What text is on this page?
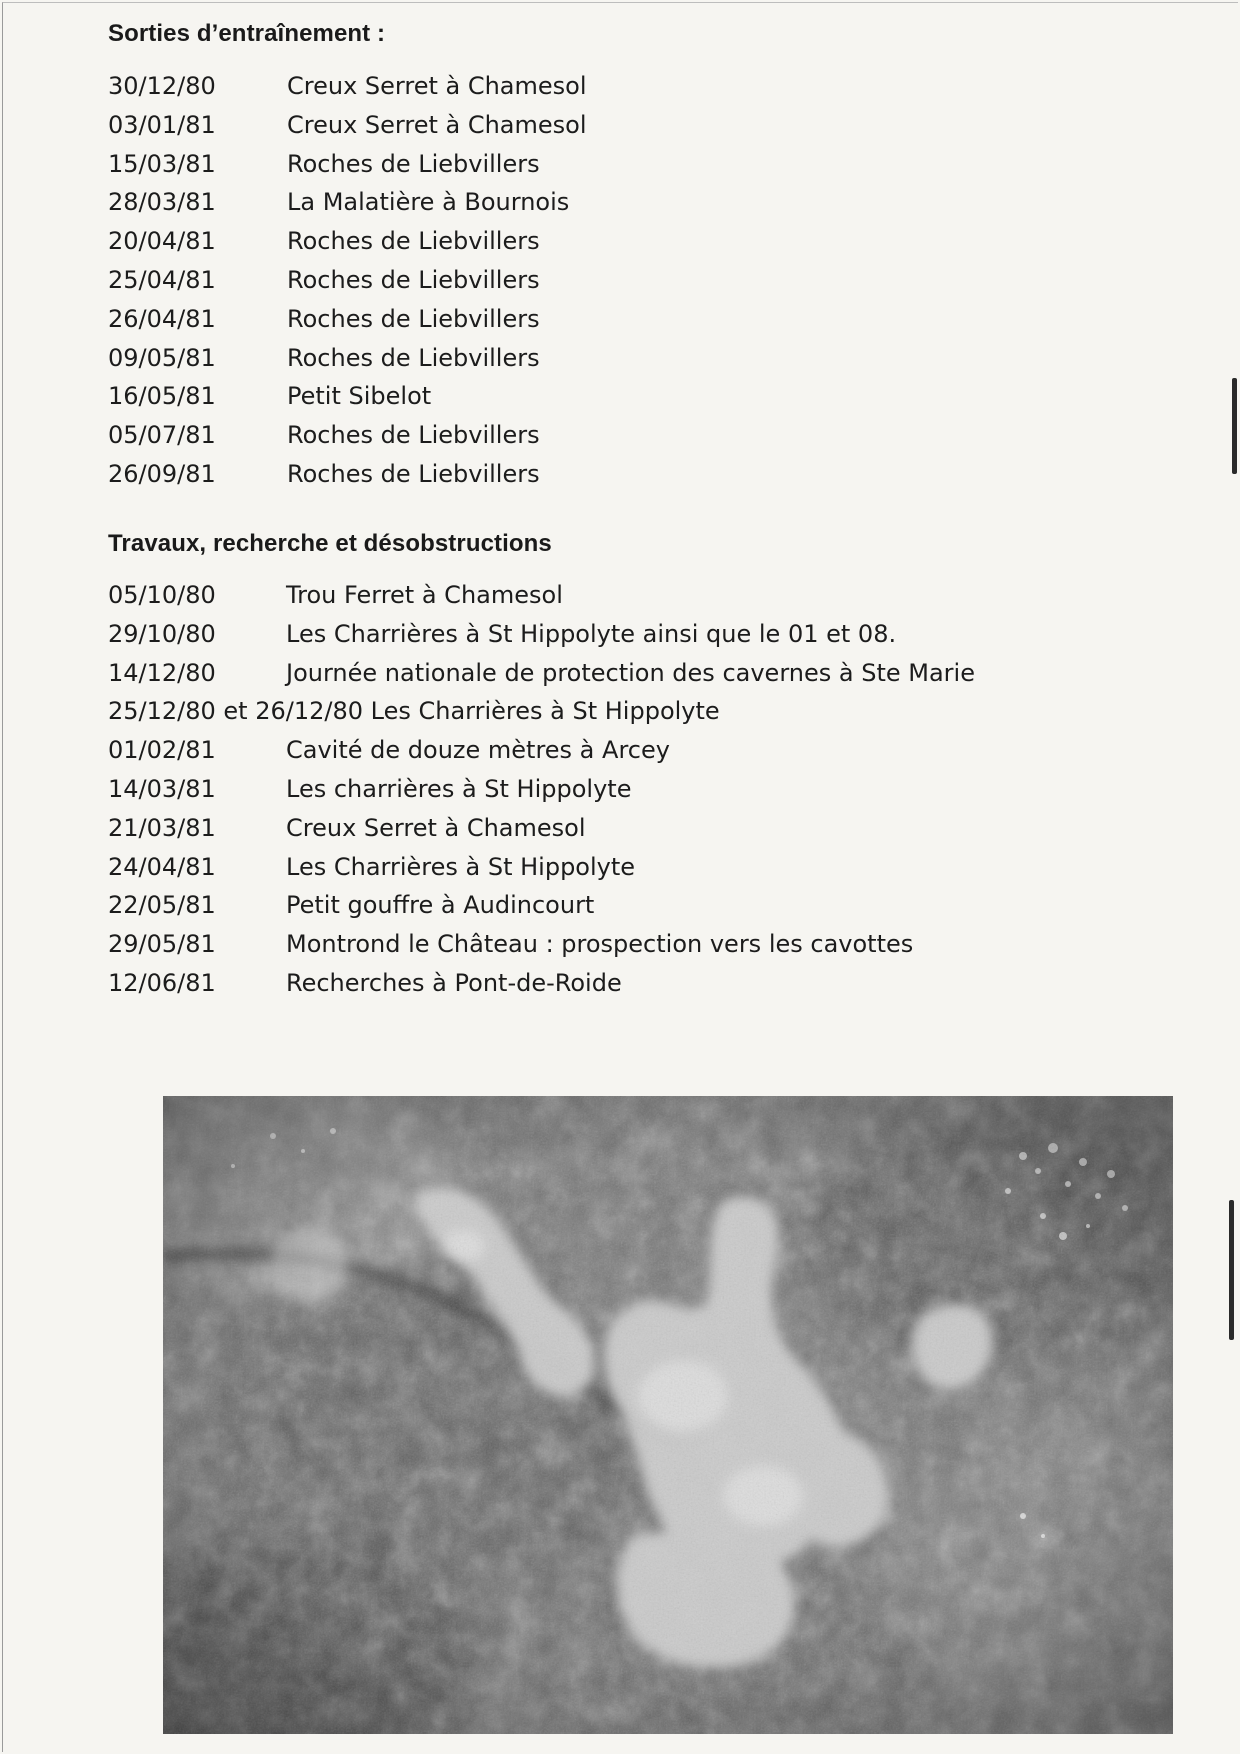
Sorties d’entraînement :
30/12/80	Creux Serret à Chamesol
03/01/81	Creux Serret à Chamesol
15/03/81	Roches de Liebvillers
28/03/81	La Malatière à Bournois
20/04/81	Roches de Liebvillers
25/04/81	Roches de Liebvillers
26/04/81	Roches de Liebvillers
09/05/81	Roches de Liebvillers
16/05/81	Petit Sibelot
05/07/81	Roches de Liebvillers
26/09/81	Roches de Liebvillers
Travaux, recherche et désobstructions
05/10/80	Trou Ferret à Chamesol
29/10/80	Les Charrières à St Hippolyte ainsi que le 01 et 08.
14/12/80	Journée nationale de protection des cavernes à Ste Marie
25/12/80 et 26/12/80 Les Charrières à St Hippolyte
01/02/81	Cavité de douze mètres à Arcey
14/03/81	Les charrières à St Hippolyte
21/03/81	Creux Serret à Chamesol
24/04/81	Les Charrières à St Hippolyte
22/05/81	Petit gouffre à Audincourt
29/05/81	Montrond le Château : prospection vers les cavottes
12/06/81	Recherches à Pont-de-Roide
